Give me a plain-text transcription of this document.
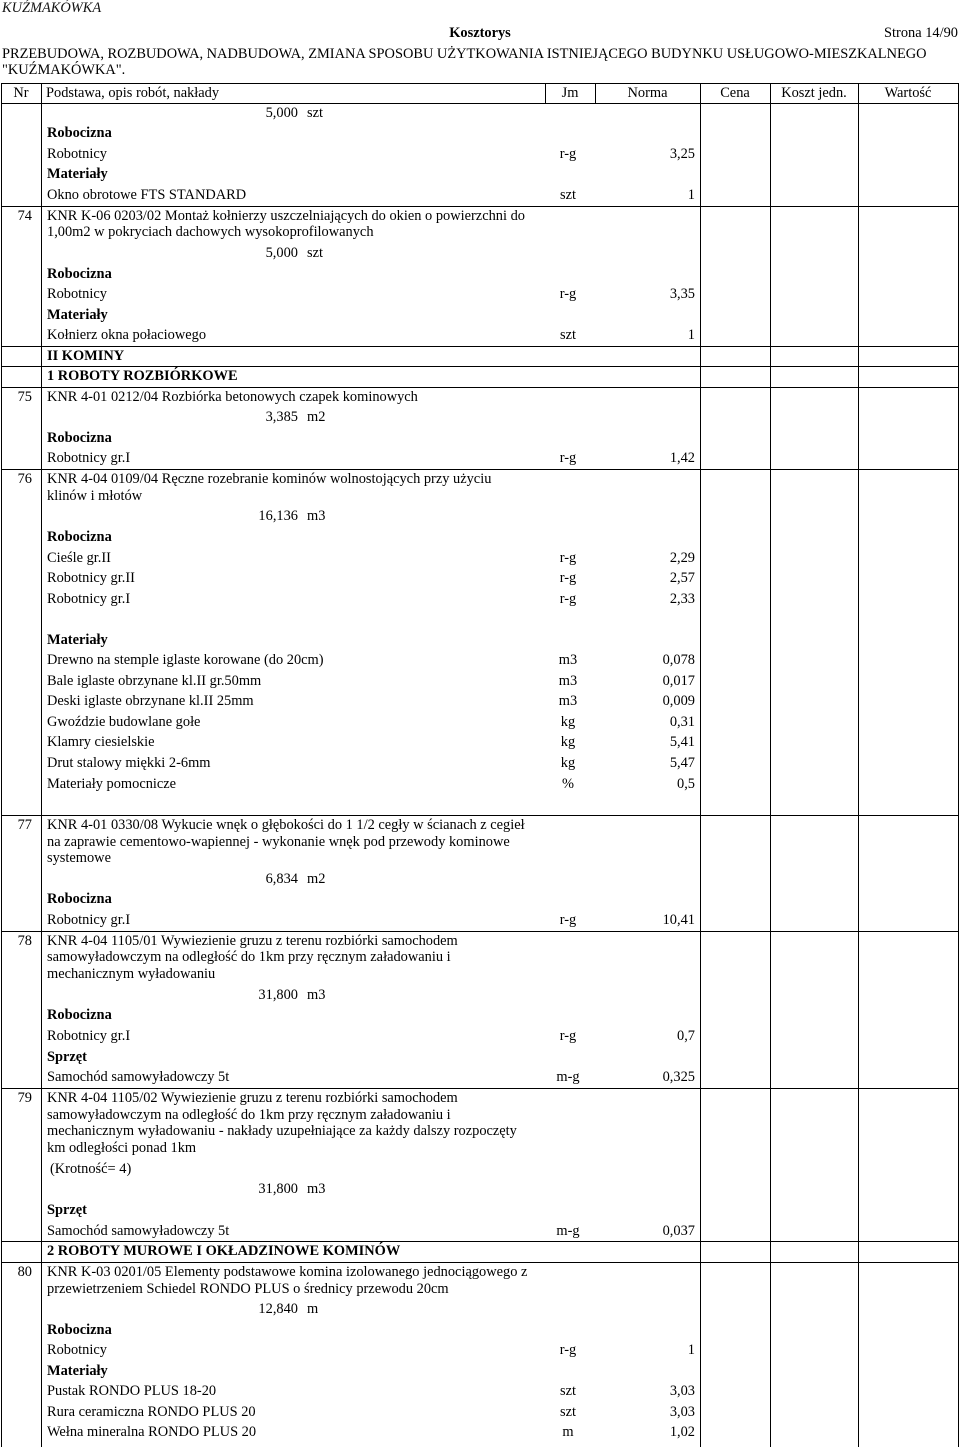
KUŹMAKÓWKA
Kosztorys	Strona 14/90
PRZEBUDOWA, ROZBUDOWA, NADBUDOWA, ZMIANA SPOSOBU UŻYTKOWANIA ISTNIEJĄCEGO BUDYNKU USŁUGOWO-MIESZKALNEGO
"KUŹMAKÓWKA".
Nr	Podstawa, opis robót, nakłady	Jm	Norma	Cena	Koszt jedn.	Wartość
5,000 szt
Robocizna
Robotnicy	r-g	3,25
Materiały
Okno obrotowe FTS STANDARD	szt	1
74 KNR K-06 0203/02 Montaż kołnierzy uszczelniających do okien o powierzchni do
1,00m2 w pokryciach dachowych wysokoprofilowanych
5,000 szt
Robocizna
Robotnicy	r-g	3,35
Materiały
Kołnierz okna połaciowego	szt	1
II KOMINY
1 ROBOTY ROZBIÓRKOWE
75 KNR 4-01 0212/04 Rozbiórka betonowych czapek kominowych
3,385 m2
Robocizna
Robotnicy gr.I	r-g	1,42
76 KNR 4-04 0109/04 Ręczne rozebranie kominów wolnostojących przy użyciu
klinów i młotów
16,136 m3
Robocizna
Cieśle gr.II	r-g	2,29
Robotnicy gr.II	r-g	2,57
Robotnicy gr.I	r-g	2,33
Materiały
Drewno na stemple iglaste korowane (do 20cm)	m3	0,078
Bale iglaste obrzynane kl.II gr.50mm	m3	0,017
Deski iglaste obrzynane kl.II 25mm	m3	0,009
Gwoździe budowlane gołe	kg	0,31
Klamry ciesielskie	kg	5,41
Drut stalowy miękki 2-6mm	kg	5,47
Materiały pomocnicze	%	0,5
77 KNR 4-01 0330/08 Wykucie wnęk o głębokości do 1 1/2 cegły w ścianach z cegieł
na zaprawie cementowo-wapiennej - wykonanie wnęk pod przewody kominowe
systemowe
6,834 m2
Robocizna
Robotnicy gr.I	r-g	10,41
78 KNR 4-04 1105/01 Wywiezienie gruzu z terenu rozbiórki samochodem
samowyładowczym na odległość do 1km przy ręcznym załadowaniu i
mechanicznym wyładowaniu
31,800 m3
Robocizna
Robotnicy gr.I	r-g	0,7
Sprzęt
Samochód samowyładowczy 5t	m-g	0,325
79 KNR 4-04 1105/02 Wywiezienie gruzu z terenu rozbiórki samochodem
samowyładowczym na odległość do 1km przy ręcznym załadowaniu i
mechanicznym wyładowaniu - nakłady uzupełniające za każdy dalszy rozpoczęty
km odległości ponad 1km
(Krotność= 4)
31,800 m3
Sprzęt
Samochód samowyładowczy 5t	m-g	0,037
2 ROBOTY MUROWE I OKŁADZINOWE KOMINÓW
80 KNR K-03 0201/05 Elementy podstawowe komina izolowanego jednociągowego z
przewietrzeniem Schiedel RONDO PLUS o średnicy przewodu 20cm
12,840 m
Robocizna
Robotnicy	r-g	1
Materiały
Pustak RONDO PLUS 18-20	szt	3,03
Rura ceramiczna RONDO PLUS 20	szt	3,03
Wełna mineralna RONDO PLUS 20	m	1,02
